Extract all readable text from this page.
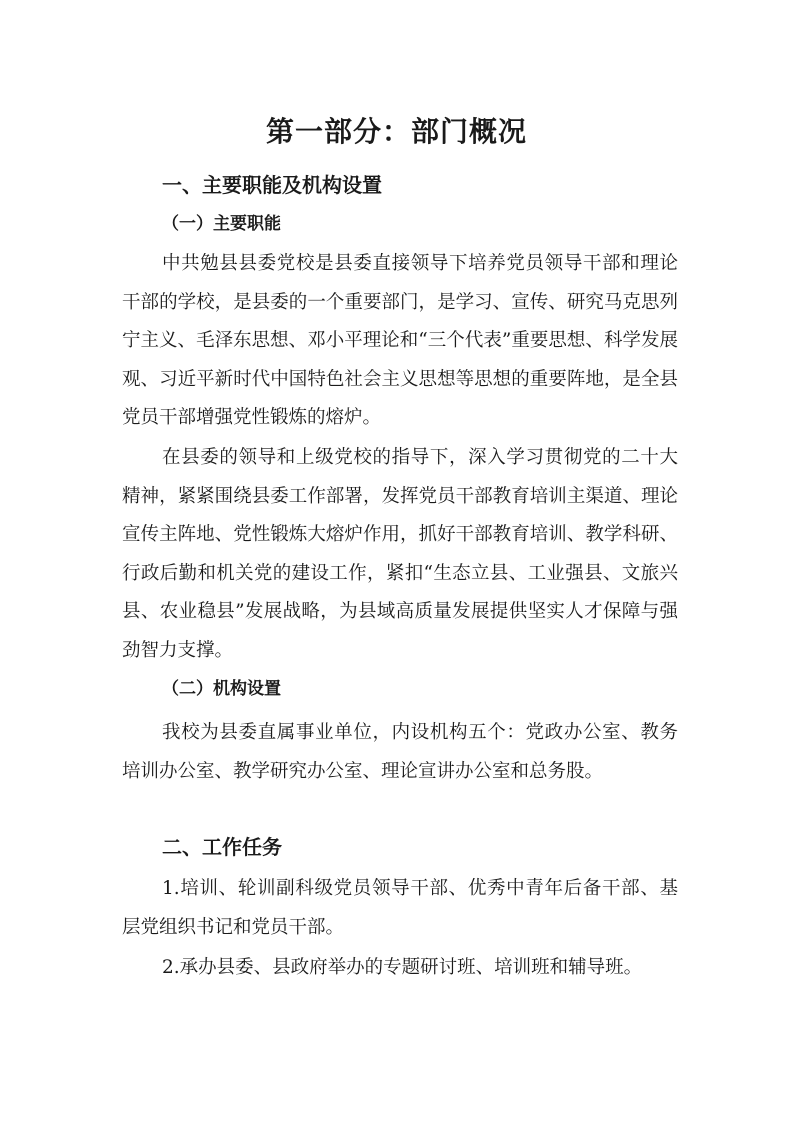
第一部分：部门概况
一、主要职能及机构设置
（一）主要职能

中共勉县县委党校是县委直接领导下培养党员领导干部和理论干部的学校，是县委的一个重要部门，是学习、宣传、研究马克思列宁主义、毛泽东思想、邓小平理论和“三个代表”重要思想、科学发展观、习近平新时代中国特色社会主义思想等思想的重要阵地，是全县党员干部增强党性锻炼的熔炉。

在县委的领导和上级党校的指导下，深入学习贯彻党的二十大精神，紧紧围绕县委工作部署，发挥党员干部教育培训主渠道、理论宣传主阵地、党性锻炼大熔炉作用，抓好干部教育培训、教学科研、行政后勤和机关党的建设工作，紧扣“生态立县、工业强县、文旅兴县、农业稳县”发展战略，为县域高质量发展提供坚实人才保障与强劲智力支撑。

（二）机构设置

我校为县委直属事业单位，内设机构五个：党政办公室、教务培训办公室、教学研究办公室、理论宣讲办公室和总务股。

二、工作任务

1.培训、轮训副科级党员领导干部、优秀中青年后备干部、基层党组织书记和党员干部。

2.承办县委、县政府举办的专题研讨班、培训班和辅导班。
